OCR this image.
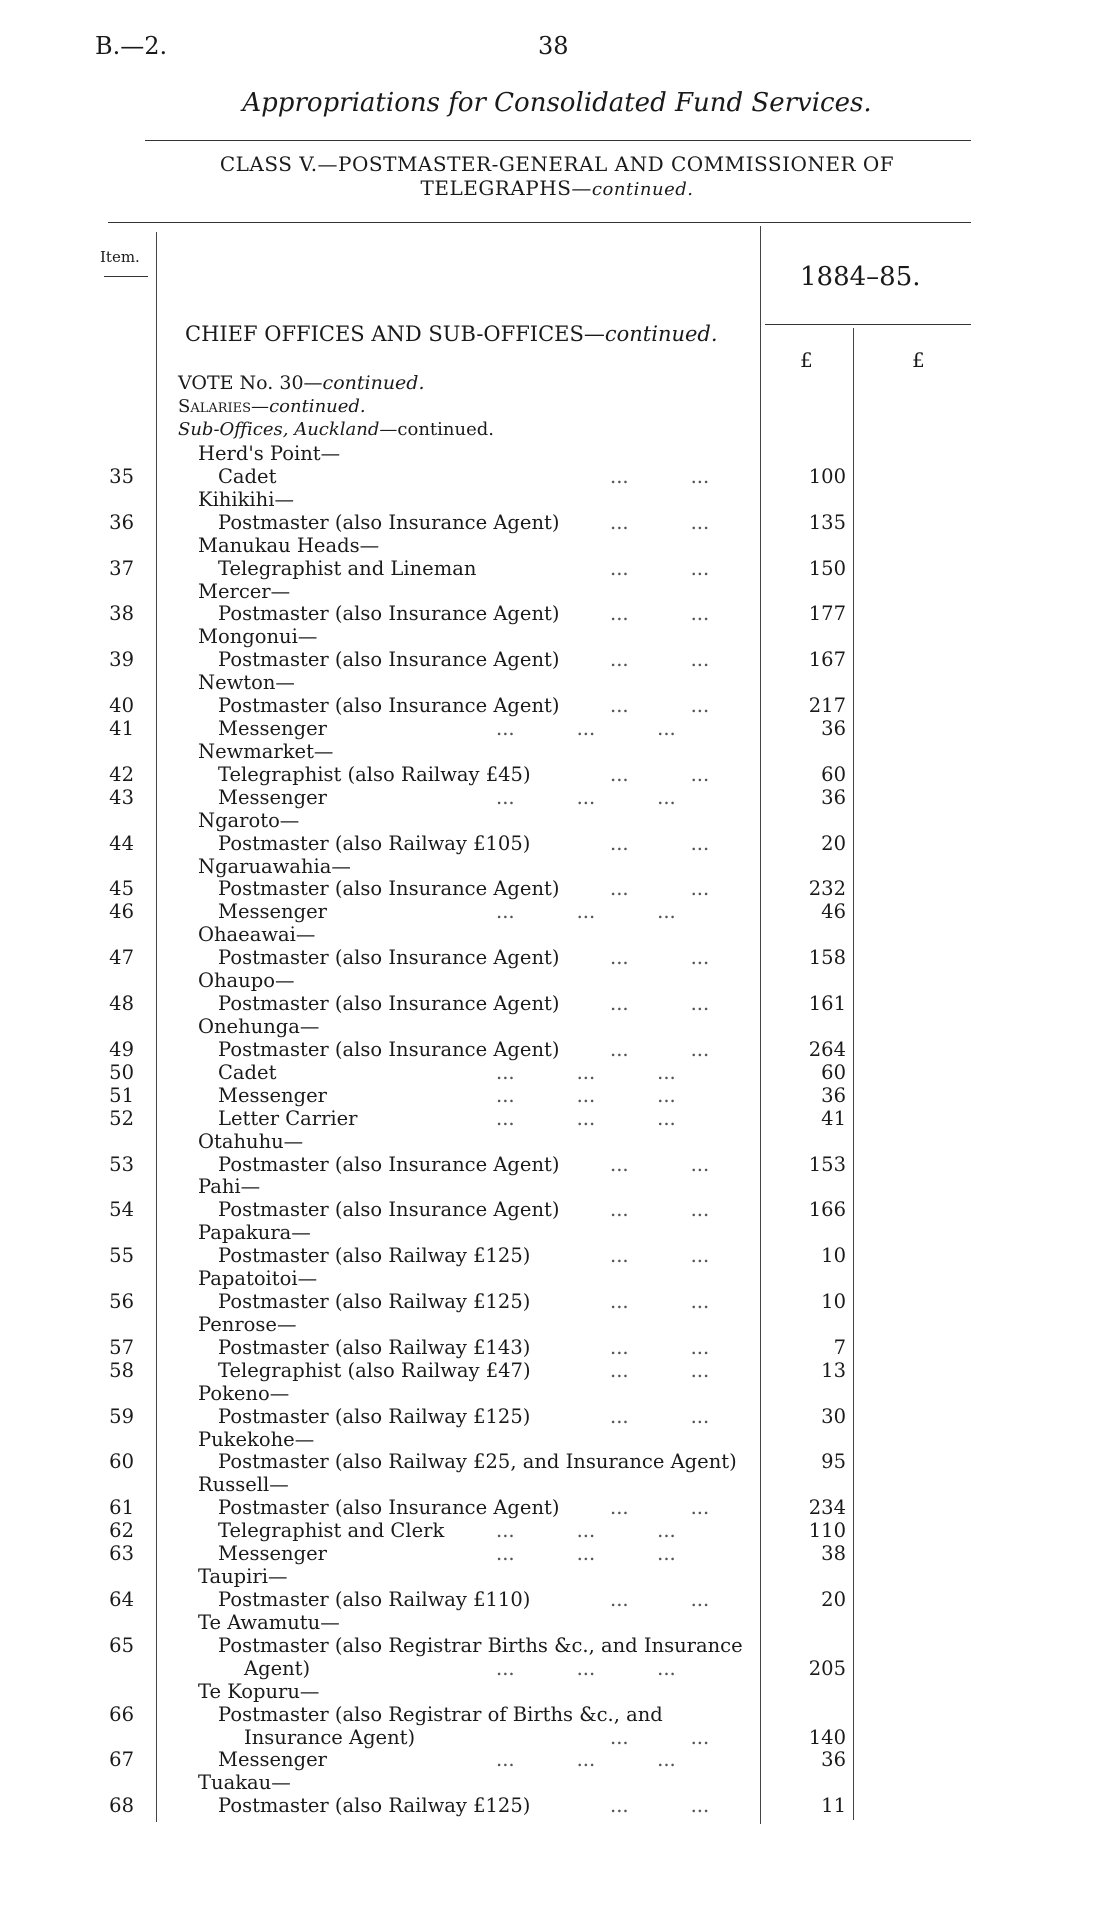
B.—2.	38
Appropriations for Consolidated Fund Services.
CLASS V.—POSTMASTER-GENERAL AND COMMISSIONER OF
TELEGRAPHS—continued.
Item.
1884–85.
£	£
CHIEF OFFICES AND SUB-OFFICES—continued.
VOTE No. 30—continued.
Salaries—continued.
Sub-Offices, Auckland—continued.
Herd's Point—
35	Cadet	...          ...	100
Kihikihi—
36	Postmaster (also Insurance Agent)	...          ...	135
Manukau Heads—
37	Telegraphist and Lineman	...          ...	150
Mercer—
38	Postmaster (also Insurance Agent)	...          ...	177
Mongonui—
39	Postmaster (also Insurance Agent)	...          ...	167
Newton—
40	Postmaster (also Insurance Agent)	...          ...	217
41	Messenger	...          ...          ...	36
Newmarket—
42	Telegraphist (also Railway £45)	...          ...	60
43	Messenger	...          ...          ...	36
Ngaroto—
44	Postmaster (also Railway £105)	...          ...	20
Ngaruawahia—
45	Postmaster (also Insurance Agent)	...          ...	232
46	Messenger	...          ...          ...	46
Ohaeawai—
47	Postmaster (also Insurance Agent)	...          ...	158
Ohaupo—
48	Postmaster (also Insurance Agent)	...          ...	161
Onehunga—
49	Postmaster (also Insurance Agent)	...          ...	264
50	Cadet	...          ...          ...	60
51	Messenger	...          ...          ...	36
52	Letter Carrier	...          ...          ...	41
Otahuhu—
53	Postmaster (also Insurance Agent)	...          ...	153
Pahi—
54	Postmaster (also Insurance Agent)	...          ...	166
Papakura—
55	Postmaster (also Railway £125)	...          ...	10
Papatoitoi—
56	Postmaster (also Railway £125)	...          ...	10
Penrose—
57	Postmaster (also Railway £143)	...          ...	7
58	Telegraphist (also Railway £47)	...          ...	13
Pokeno—
59	Postmaster (also Railway £125)	...          ...	30
Pukekohe—
60	Postmaster (also Railway £25, and Insurance Agent)	95
Russell—
61	Postmaster (also Insurance Agent)	...          ...	234
62	Telegraphist and Clerk	...          ...          ...	110
63	Messenger	...          ...          ...	38
Taupiri—
64	Postmaster (also Railway £110)	...          ...	20
Te Awamutu—
65	Postmaster (also Registrar Births &c., and Insurance
Agent)	...          ...          ...	205
Te Kopuru—
66	Postmaster (also Registrar of Births &c., and
Insurance Agent)	...          ...	140
67	Messenger	...          ...          ...	36
Tuakau—
68	Postmaster (also Railway £125)	...          ...	11
